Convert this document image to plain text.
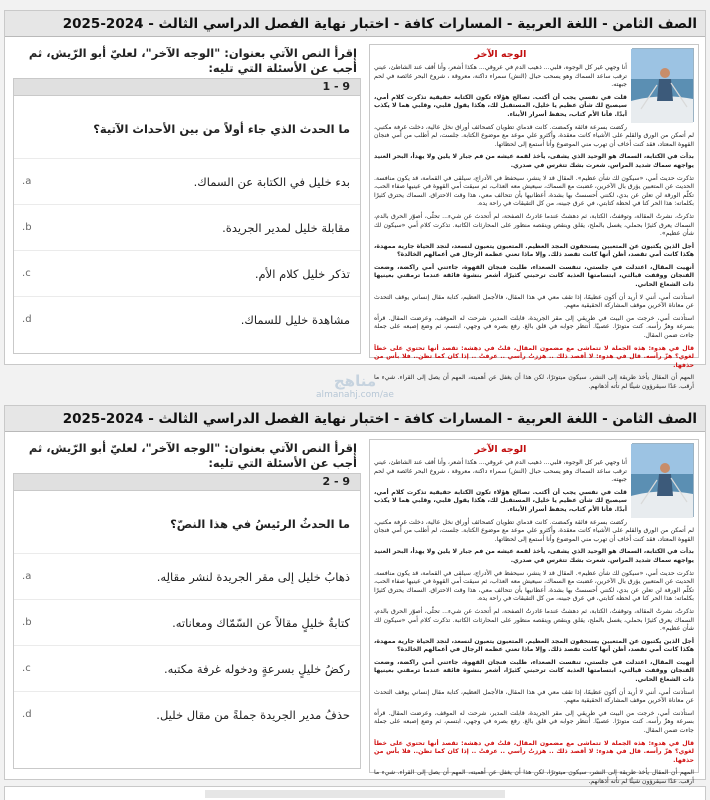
الصف الثامن - اللغة العربية - المسارات كافة - اختبار نهاية الفصل الدراسي الثالث - 2024-2025
الوجه الآخر

أنا وجهي غير كل الوجوه، قلبي... ذهيب الدم في عروقي... هكذا أشعر، وأنا أقف عند الشاطئ، عيني ترقب ساعد السماك وهو يسحب حبال (النش) سمراء داكنة، معروقة ، شروخ البحر غائصة في لحم جبهته.

قلت في نفسي يجب أن أكتب. تصالح هؤلاء تكون الكتابة حقيقية تذكرت كلام أمي، سيصبح لك شأن عظيم يا خليل، المستقبل لك، هكذا يقول قلبي، وقلبي هما لا يكذب أبدًا. فأنا الأم كتاب، يحفظ أسرار الأبناء.

ركضت بسرعة فائقة وكمضت. كانت قدماي تطويان كصحائف أوراق نخل عالية، دخلت غرفة مكتبي، لم أتمكن من الورق والقلم على الأشياء كانت معقدة، وأكثرو علي موعد مع موضوع الكتابة. جلست، لم أطلب من أمي فنجان القهوة المعتاد، فقد كنت أخاف أن تهرب مني الموضوع وأنا أستمع إلى لحظاتها.

بدأت في الكتابة، السماك هو الوحيد الذي يشقى، يأخذ لقمة عيشه من فم جبار لا يلين ولا يهدأ، البحر العنيد يواجهه سماك شديد المراس. شعرت بشك تتغرس في صدري.

تذكرت حديث أمي، «سيكون لك شأن عظيم». المقال قد لا ينشر، سيحفظ في الأدراج، سيلقى في القمامة، قد يكون منافسة. الحديث عن المتعبين يؤرق بال الآخرين، غضبت مع السماك، سيعيش معه العذاب، ثم سيقت أمي القهوة في عينيها صفاء الحب، تكلّم الورقة لن تعلن عن بدي، لكنني أحسستُ بها بشدة، أعطانيها بأن تتحالف معي، هذا وقت الاحتراق. السماك يحترق كثيرًا بكلماته: هذا الحر كنا في لحظة كتابتي، في عرق جبينه، من كل التقيقات في راحة يده.

تذكرتُ، نشرتُ المقالة، وتوقفتُ، الكتابة، ثم دهشتُ عندما غادرتُ الصفحة، لم أتحدث عن شيء... تحلّى، أصوّر الحرق بالدم، السماك يعرق كثيرًا بحملي، يغسل بالملح، يقلق وينقص وينقصه منظور على المحارثات الكاتبة. تذكرت كلام أمي «سيكون لك شأن عظيم».

أجل الذين يكتبون عن المتعبين يستحقون المجد العظيم. المتعبون يتعبون لنسعد، لنجد الحياة جارية ممهدة، هكذا كانت أمي تقصد، أظن أنها كانت تقصد ذلك. وإلا ماذا تعني عظمة الرجال في أعمالهم الخالدة؟

أنهيت المقال، اعتدلت في جلستي، تنفست الصعداء، طلبت فنجان القهوة، جاءتني أمي راكضة، وضعت الفنجان ووقفت قبالتي، ابتسامتها العذبة كانت ترحبني كثيرًا، أشعر بنشوة فائقة عندما ترمقني بعينيها ذات الشعاع الحاني.

استأذنت أمي، أنني لا أريد أن أكون عظيمًا، إذا تقف معي في هذا المقال، فالأجمل العظيم، كتابة مقال إنساني يوقف التحدث عن معاناة الآخرين موقف المشاركة الحقيقية معهم.

استأذنت أمي، خرجت من البيت في طريقي إلى مقر الجريدة، قابلت المدير، شرحت له الموقف، وعرضت المقال. قرأه بسرعة وهزّ رأسه. كنت متوترًا. عصبيًا. أنتظر جوابه في قلق بالغ. رفع بصره في وجهي، ابتسم، ثم وضع إصبعه على جملة جاءت ضمن المقال.

قال في هدوء: هذه الجملة لا تتماشى مع مضمون المقال، قلتُ في دهشة: تقصد أنها تحتوي على خطأ لغوي؟ هزّ رأسه. قال في هدوء: لا أقصد ذلك .. هززتُ رأسي .. عرفتُ .. إذا كان كما تظن.. فلا بأس من حذفها.

المهم أن المقال يأخذ طريقة إلى النشر، سيكون ميتوترًا، لكن هذا أن يغفل عن أهميته، المهم أن يصل إلى القراء. شيء ما أرقب. غدًا سيقرؤون شيئًا لم تأته أذهانهم.

إقرأ النص الآتي بعنوان: "الوجه الآخر"، لعليّ أبو الرّيش، ثم أجب عن الأسئلة التي تليه:
9 - 1
ما الحدث الذي جاء أولاً من بين الأحداث الآتية؟
بدء خليل في الكتابة عن السماك.
a.
مقابلة خليل لمدير الجريدة.
b.
تذكر خليل كلام الأم.
c.
مشاهدة خليل للسماك.
d.
مناهج
almanahj.com/ae
الصف الثامن - اللغة العربية - المسارات كافة - اختبار نهاية الفصل الدراسي الثالث - 2024-2025
الوجه الآخر

أنا وجهي غير كل الوجوه، قلبي... ذهيب الدم في عروقي... هكذا أشعر، وأنا أقف عند الشاطئ، عيني ترقب ساعد السماك وهو يسحب حبال (النش) سمراء داكنة، معروقة ، شروخ البحر غائصة في لحم جبهته.

قلت في نفسي يجب أن أكتب. تصالح هؤلاء تكون الكتابة حقيقية تذكرت كلام أمي، سيصبح لك شأن عظيم يا خليل، المستقبل لك، هكذا يقول قلبي، وقلبي هما لا يكذب أبدًا. فأنا الأم كتاب، يحفظ أسرار الأبناء.

ركضت بسرعة فائقة وكمضت. كانت قدماي تطويان كصحائف أوراق نخل عالية، دخلت غرفة مكتبي، لم أتمكن من الورق والقلم على الأشياء كانت معقدة، وأكثرو علي موعد مع موضوع الكتابة. جلست، لم أطلب من أمي فنجان القهوة المعتاد، فقد كنت أخاف أن تهرب مني الموضوع وأنا أستمع إلى لحظاتها.

بدأت في الكتابة، السماك هو الوحيد الذي يشقى، يأخذ لقمة عيشه من فم جبار لا يلين ولا يهدأ، البحر العنيد يواجهه سماك شديد المراس. شعرت بشك تتغرس في صدري.

تذكرت حديث أمي، «سيكون لك شأن عظيم». المقال قد لا ينشر، سيحفظ في الأدراج، سيلقى في القمامة، قد يكون منافسة. الحديث عن المتعبين يؤرق بال الآخرين، غضبت مع السماك، سيعيش معه العذاب، ثم سيقت أمي القهوة في عينيها صفاء الحب، تكلّم الورقة لن تعلن عن بدي، لكنني أحسستُ بها بشدة، أعطانيها بأن تتحالف معي، هذا وقت الاحتراق. السماك يحترق كثيرًا بكلماته: هذا الحر كنا في لحظة كتابتي، في عرق جبينه، من كل التقيقات في راحة يده.

تذكرتُ، نشرتُ المقالة، وتوقفتُ، الكتابة، ثم دهشتُ عندما غادرتُ الصفحة، لم أتحدث عن شيء... تحلّى، أصوّر الحرق بالدم، السماك يعرق كثيرًا بحملي، يغسل بالملح، يقلق وينقص وينقصه منظور على المحارثات الكاتبة. تذكرت كلام أمي «سيكون لك شأن عظيم».

أجل الذين يكتبون عن المتعبين يستحقون المجد العظيم. المتعبون يتعبون لنسعد، لنجد الحياة جارية ممهدة، هكذا كانت أمي تقصد، أظن أنها كانت تقصد ذلك. وإلا ماذا تعني عظمة الرجال في أعمالهم الخالدة؟

أنهيت المقال، اعتدلت في جلستي، تنفست الصعداء، طلبت فنجان القهوة، جاءتني أمي راكضة، وضعت الفنجان ووقفت قبالتي، ابتسامتها العذبة كانت ترحبني كثيرًا، أشعر بنشوة فائقة عندما ترمقني بعينيها ذات الشعاع الحاني.

استأذنت أمي، أنني لا أريد أن أكون عظيمًا، إذا تقف معي في هذا المقال، فالأجمل العظيم، كتابة مقال إنساني يوقف التحدث عن معاناة الآخرين موقف المشاركة الحقيقية معهم.

استأذنت أمي، خرجت من البيت في طريقي إلى مقر الجريدة، قابلت المدير، شرحت له الموقف، وعرضت المقال. قرأه بسرعة وهزّ رأسه. كنت متوترًا. عصبيًا. أنتظر جوابه في قلق بالغ. رفع بصره في وجهي، ابتسم، ثم وضع إصبعه على جملة جاءت ضمن المقال.

قال في هدوء: هذه الجملة لا تتماشى مع مضمون المقال، قلتُ في دهشة: تقصد أنها تحتوي على خطأ لغوي؟ هزّ رأسه. قال في هدوء: لا أقصد ذلك .. هززتُ رأسي .. عرفتُ .. إذا كان كما تظن.. فلا بأس من حذفها.

المهم أن المقال يأخذ طريقة إلى النشر، سيكون ميتوترًا، لكن هذا أن يغفل عن أهميته، المهم أن يصل إلى القراء. شيء ما أرقب. غدًا سيقرؤون شيئًا لم تأته أذهانهم.

إقرأ النص الآتي بعنوان: "الوجه الآخر"، لعليّ أبو الرّيش، ثم أجب عن الأسئلة التي تليه:
9 - 2
ما الحدثُ الرئيسُ في هذا النصّ؟
ذهابُ خليل إلى مقر الجريدة لنشر مقالِه.
a.
كتابةُ خليلٍ مقالاً عن السّمّاك ومعاناته.
b.
ركضُ خليلٍ بسرعةٍ ودخوله غرفة مكتبه.
c.
حذفُ مدير الجريدة جملةً من مقال خليل.
d.
